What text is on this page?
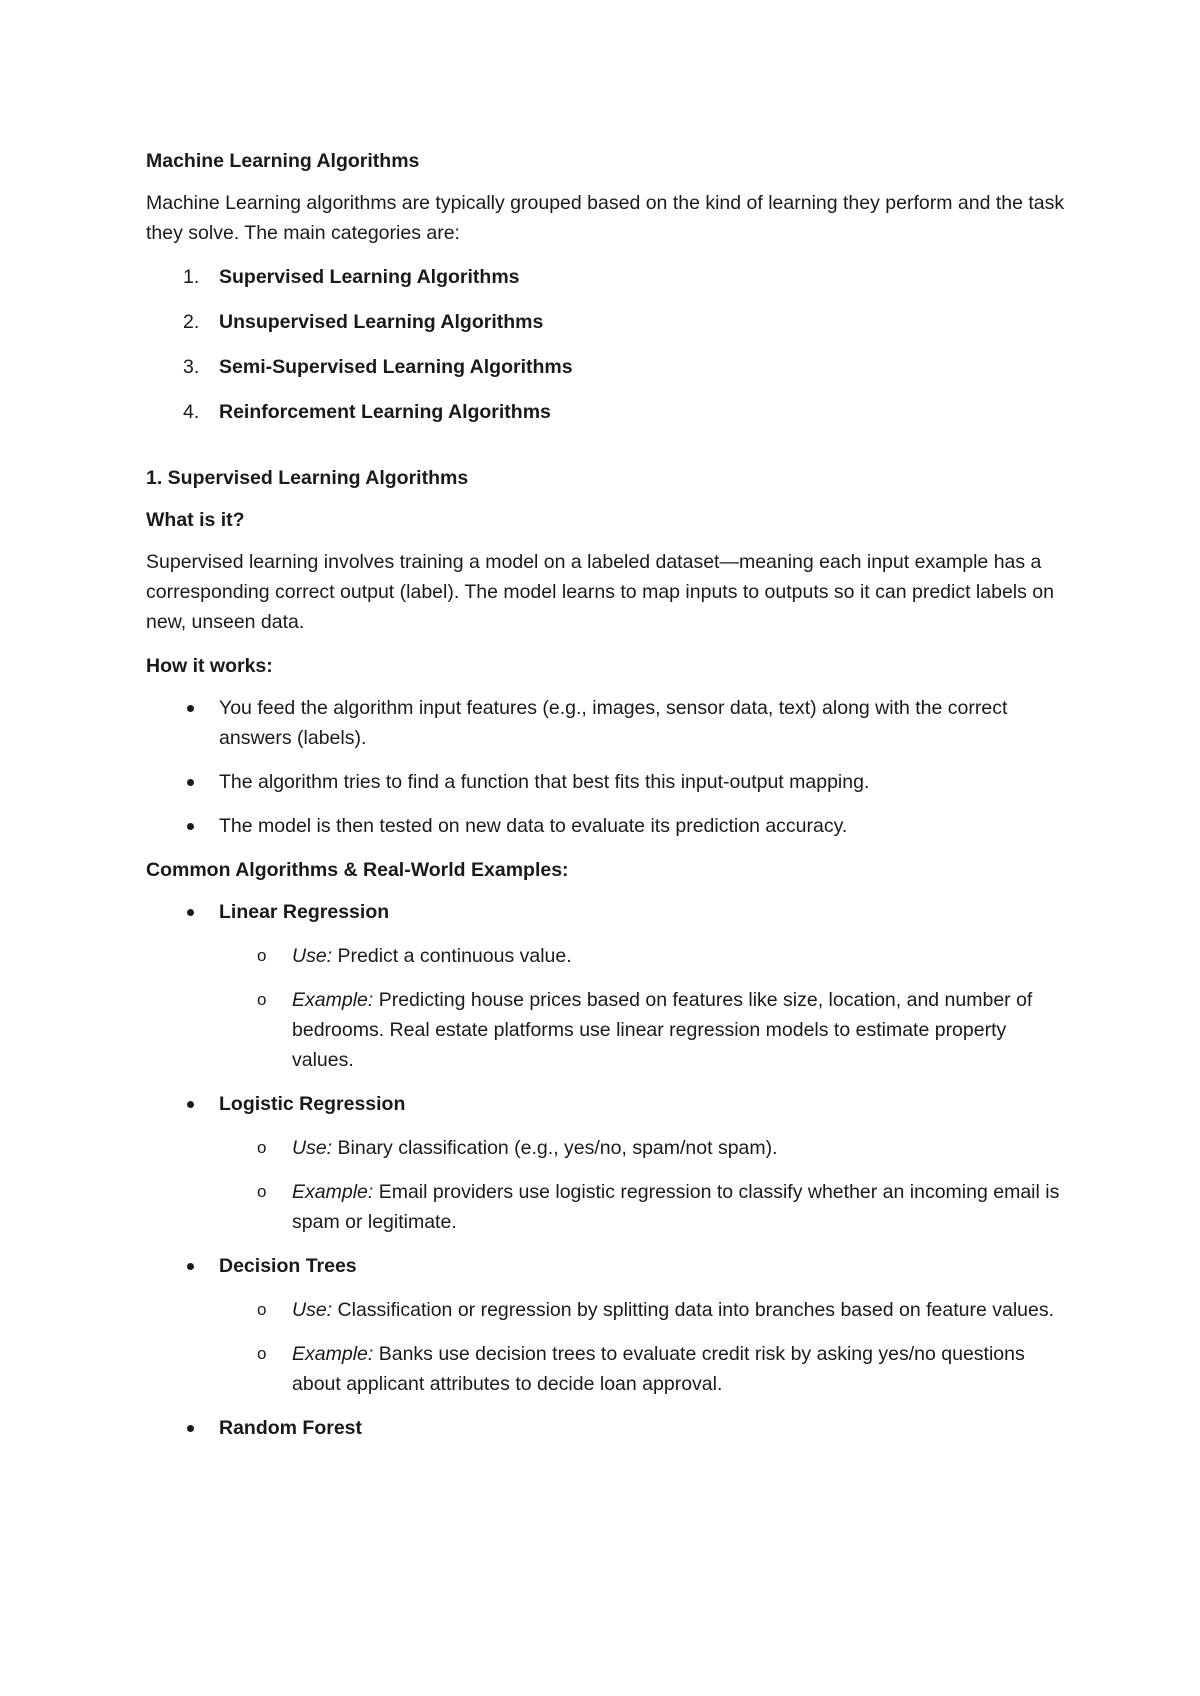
Machine Learning Algorithms

Machine Learning algorithms are typically grouped based on the kind of learning they perform and the task they solve. The main categories are:

1.	Supervised Learning Algorithms
2.	Unsupervised Learning Algorithms
3.	Semi-Supervised Learning Algorithms
4.	Reinforcement Learning Algorithms

1. Supervised Learning Algorithms

What is it?

Supervised learning involves training a model on a labeled dataset—meaning each input example has a corresponding correct output (label). The model learns to map inputs to outputs so it can predict labels on new, unseen data.

How it works:

You feed the algorithm input features (e.g., images, sensor data, text) along with the correct answers (labels).
The algorithm tries to find a function that best fits this input-output mapping.
The model is then tested on new data to evaluate its prediction accuracy.

Common Algorithms & Real-World Examples:

Linear Regression
o Use: Predict a continuous value.
o Example: Predicting house prices based on features like size, location, and number of bedrooms. Real estate platforms use linear regression models to estimate property values.
Logistic Regression
o Use: Binary classification (e.g., yes/no, spam/not spam).
o Example: Email providers use logistic regression to classify whether an incoming email is spam or legitimate.
Decision Trees
o Use: Classification or regression by splitting data into branches based on feature values.
o Example: Banks use decision trees to evaluate credit risk by asking yes/no questions about applicant attributes to decide loan approval.
Random Forest
